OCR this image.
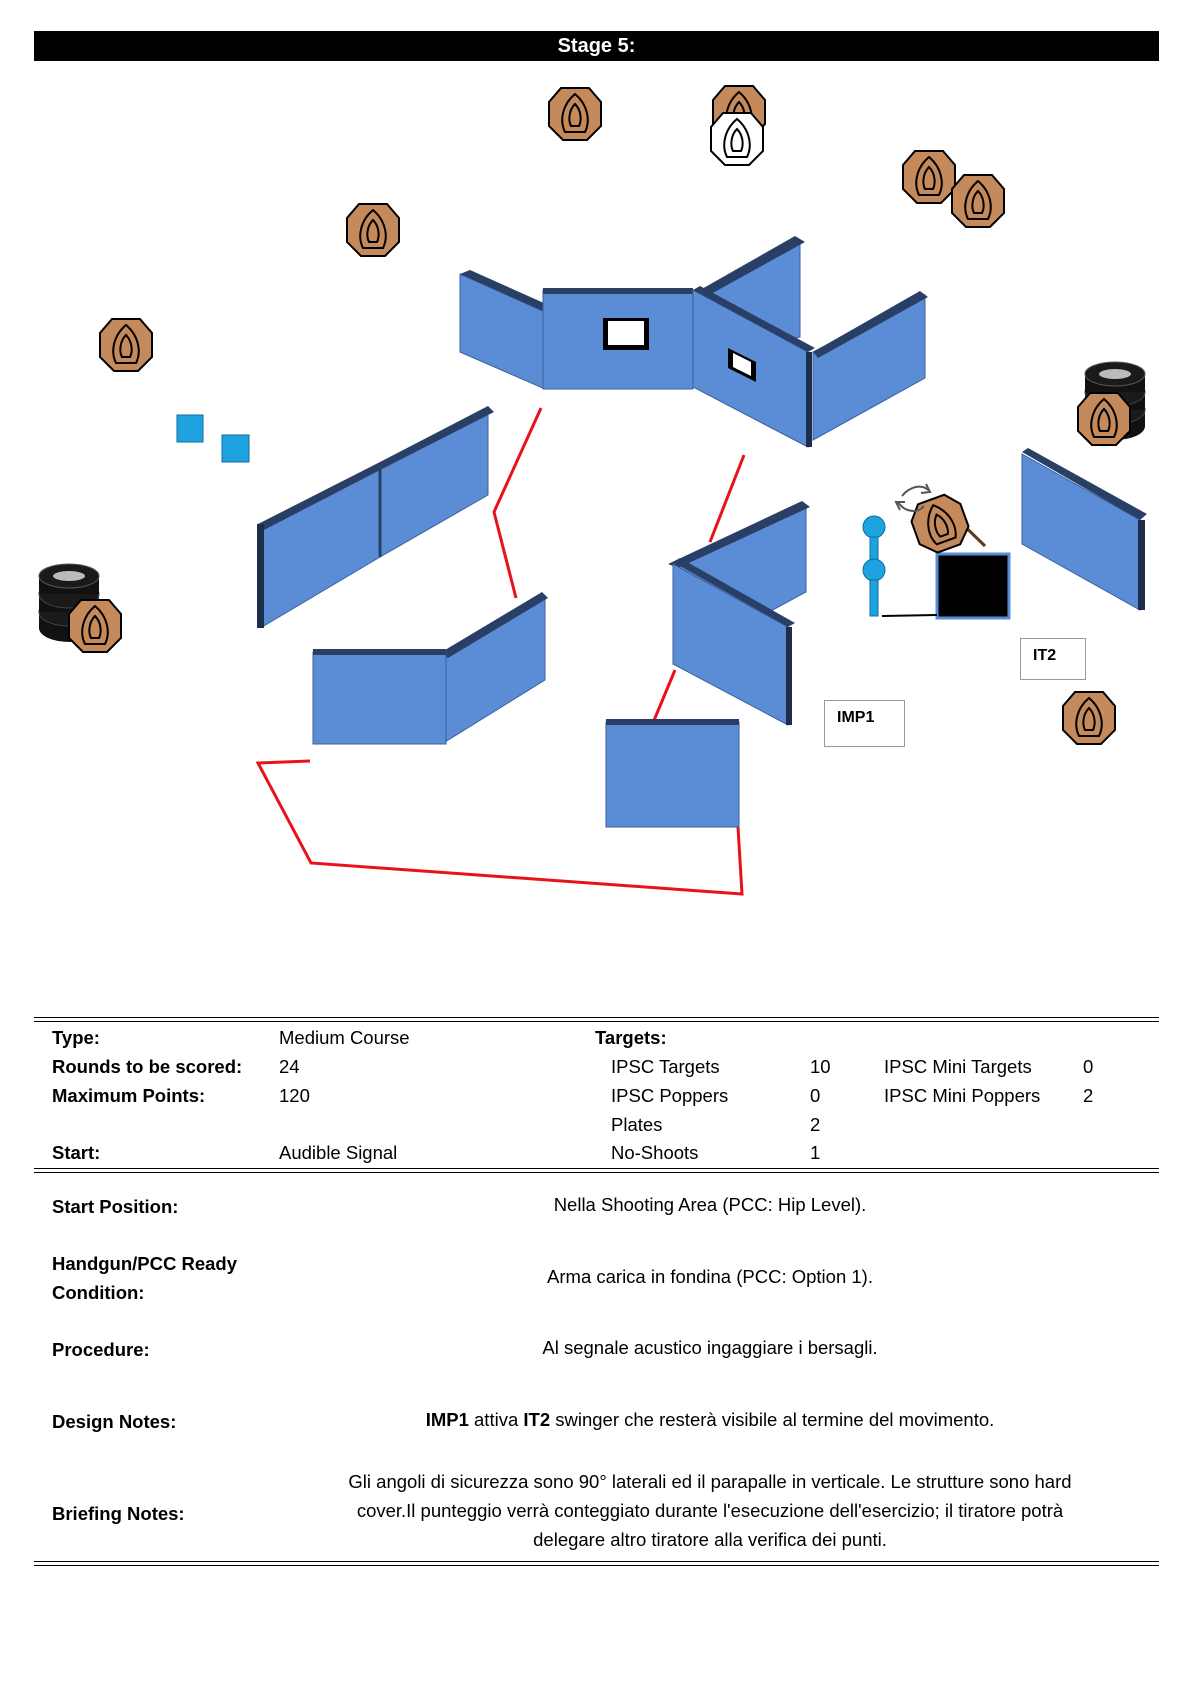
Stage 5:
IT2
IMP1
Type:	Medium Course	Targets:
Rounds to be scored: 24	IPSC Targets	10	IPSC Mini Targets	0
Maximum Points:	120	IPSC Poppers	0	IPSC Mini Poppers 2
Plates	2
Start:	Audible Signal	No-Shoots	1
Start Position:	Nella Shooting Area (PCC: Hip Level).
Handgun/PCC Ready
Condition:
Arma carica in fondina (PCC: Option 1).
Procedure:	Al segnale acustico ingaggiare i bersagli.
Design Notes:	IMP1 attiva IT2 swinger che resterà visibile al termine del movimento.
Briefing Notes:
Gli angoli di sicurezza sono 90° laterali ed il parapalle in verticale. Le strutture sono hard
cover.Il punteggio verrà conteggiato durante l'esecuzione dell'esercizio; il tiratore potrà
delegare altro tiratore alla verifica dei punti.
